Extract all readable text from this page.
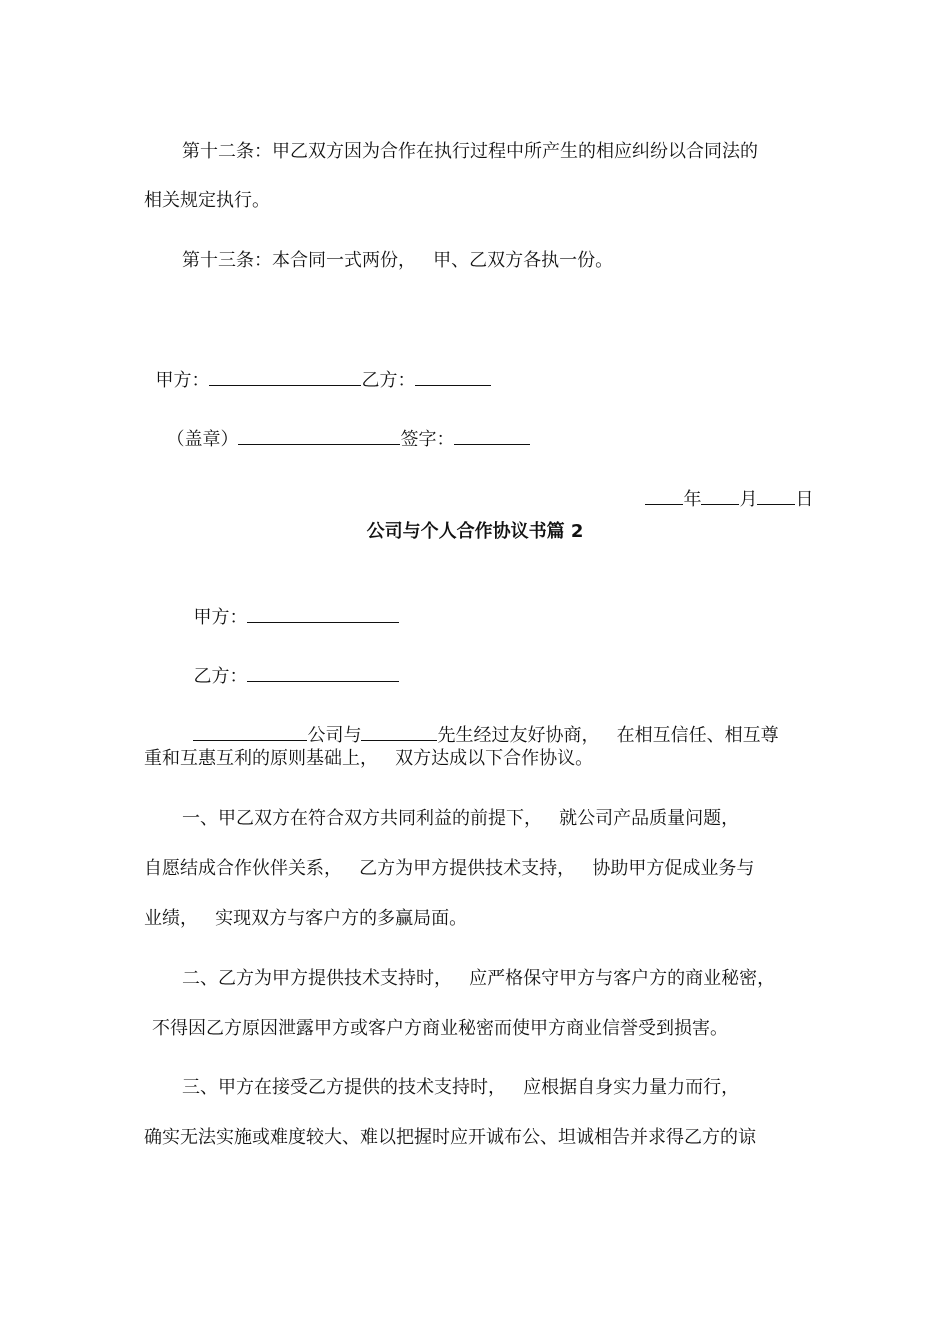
第十二条：甲乙双方因为合作在执行过程中所产生的相应纠纷以合同法的
相关规定执行。
第十三条：本合同一式两份，   甲、乙双方各执一份。

甲方：	乙方：

（盖章）	签字：

年 月 日

公司与个人合作协议书篇 2

甲方：

乙方：

公司与	先生经过友好协商，   在相互信任、相互尊

重和互惠互利的原则基础上，   双方达成以下合作协议。
一、甲乙双方在符合双方共同利益的前提下，   就公司产品质量问题，
自愿结成合作伙伴关系，   乙方为甲方提供技术支持，   协助甲方促成业务与
业绩，   实现双方与客户方的多赢局面。
二、乙方为甲方提供技术支持时，   应严格保守甲方与客户方的商业秘密，
不得因乙方原因泄露甲方或客户方商业秘密而使甲方商业信誉受到损害。
三、甲方在接受乙方提供的技术支持时，   应根据自身实力量力而行，
确实无法实施或难度较大、难以把握时应开诚布公、坦诚相告并求得乙方的谅
